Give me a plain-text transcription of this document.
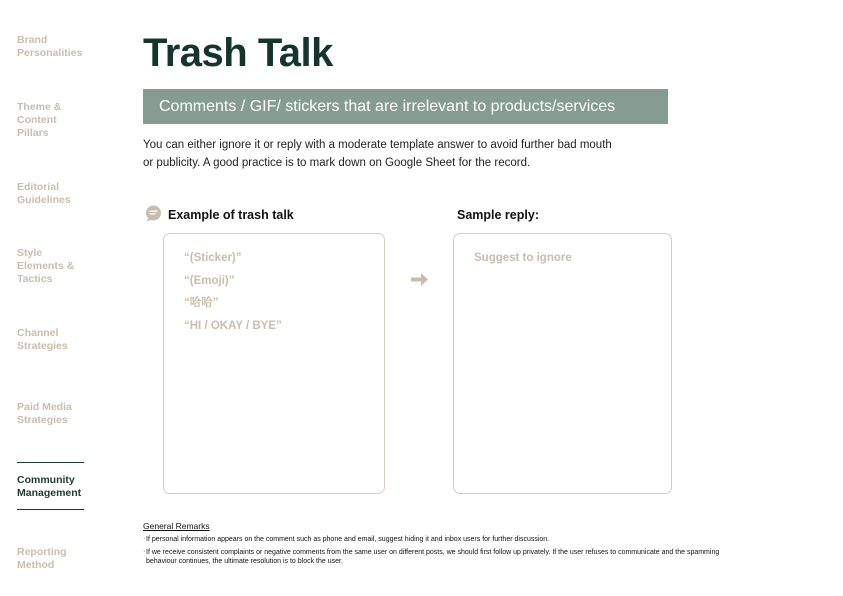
Brand
Personalities
Theme &
Content
Pillars
Editorial
Guidelines
Style
Elements &
Tactics
Channel
Strategies
Paid Media
Strategies
Community
Management
Reporting
Method
Trash Talk
Comments / GIF/ stickers that are irrelevant to products/services
You can either ignore it or reply with a moderate template answer to avoid further bad mouth or publicity. A good practice is to mark down on Google Sheet for the record.
Example of trash talk	Sample reply:
“(Sticker)”
“(Emoji)”
“哈哈”
“HI / OKAY / BYE”
Suggest to ignore
General Remarks
· If personal information appears on the comment such as phone and email, suggest hiding it and inbox users for further discussion.
· If we receive consistent complaints or negative comments from the same user on different posts, we should first follow up privately. If the user refuses to communicate and the spamming behaviour continues, the ultimate resolution is to block the user.
